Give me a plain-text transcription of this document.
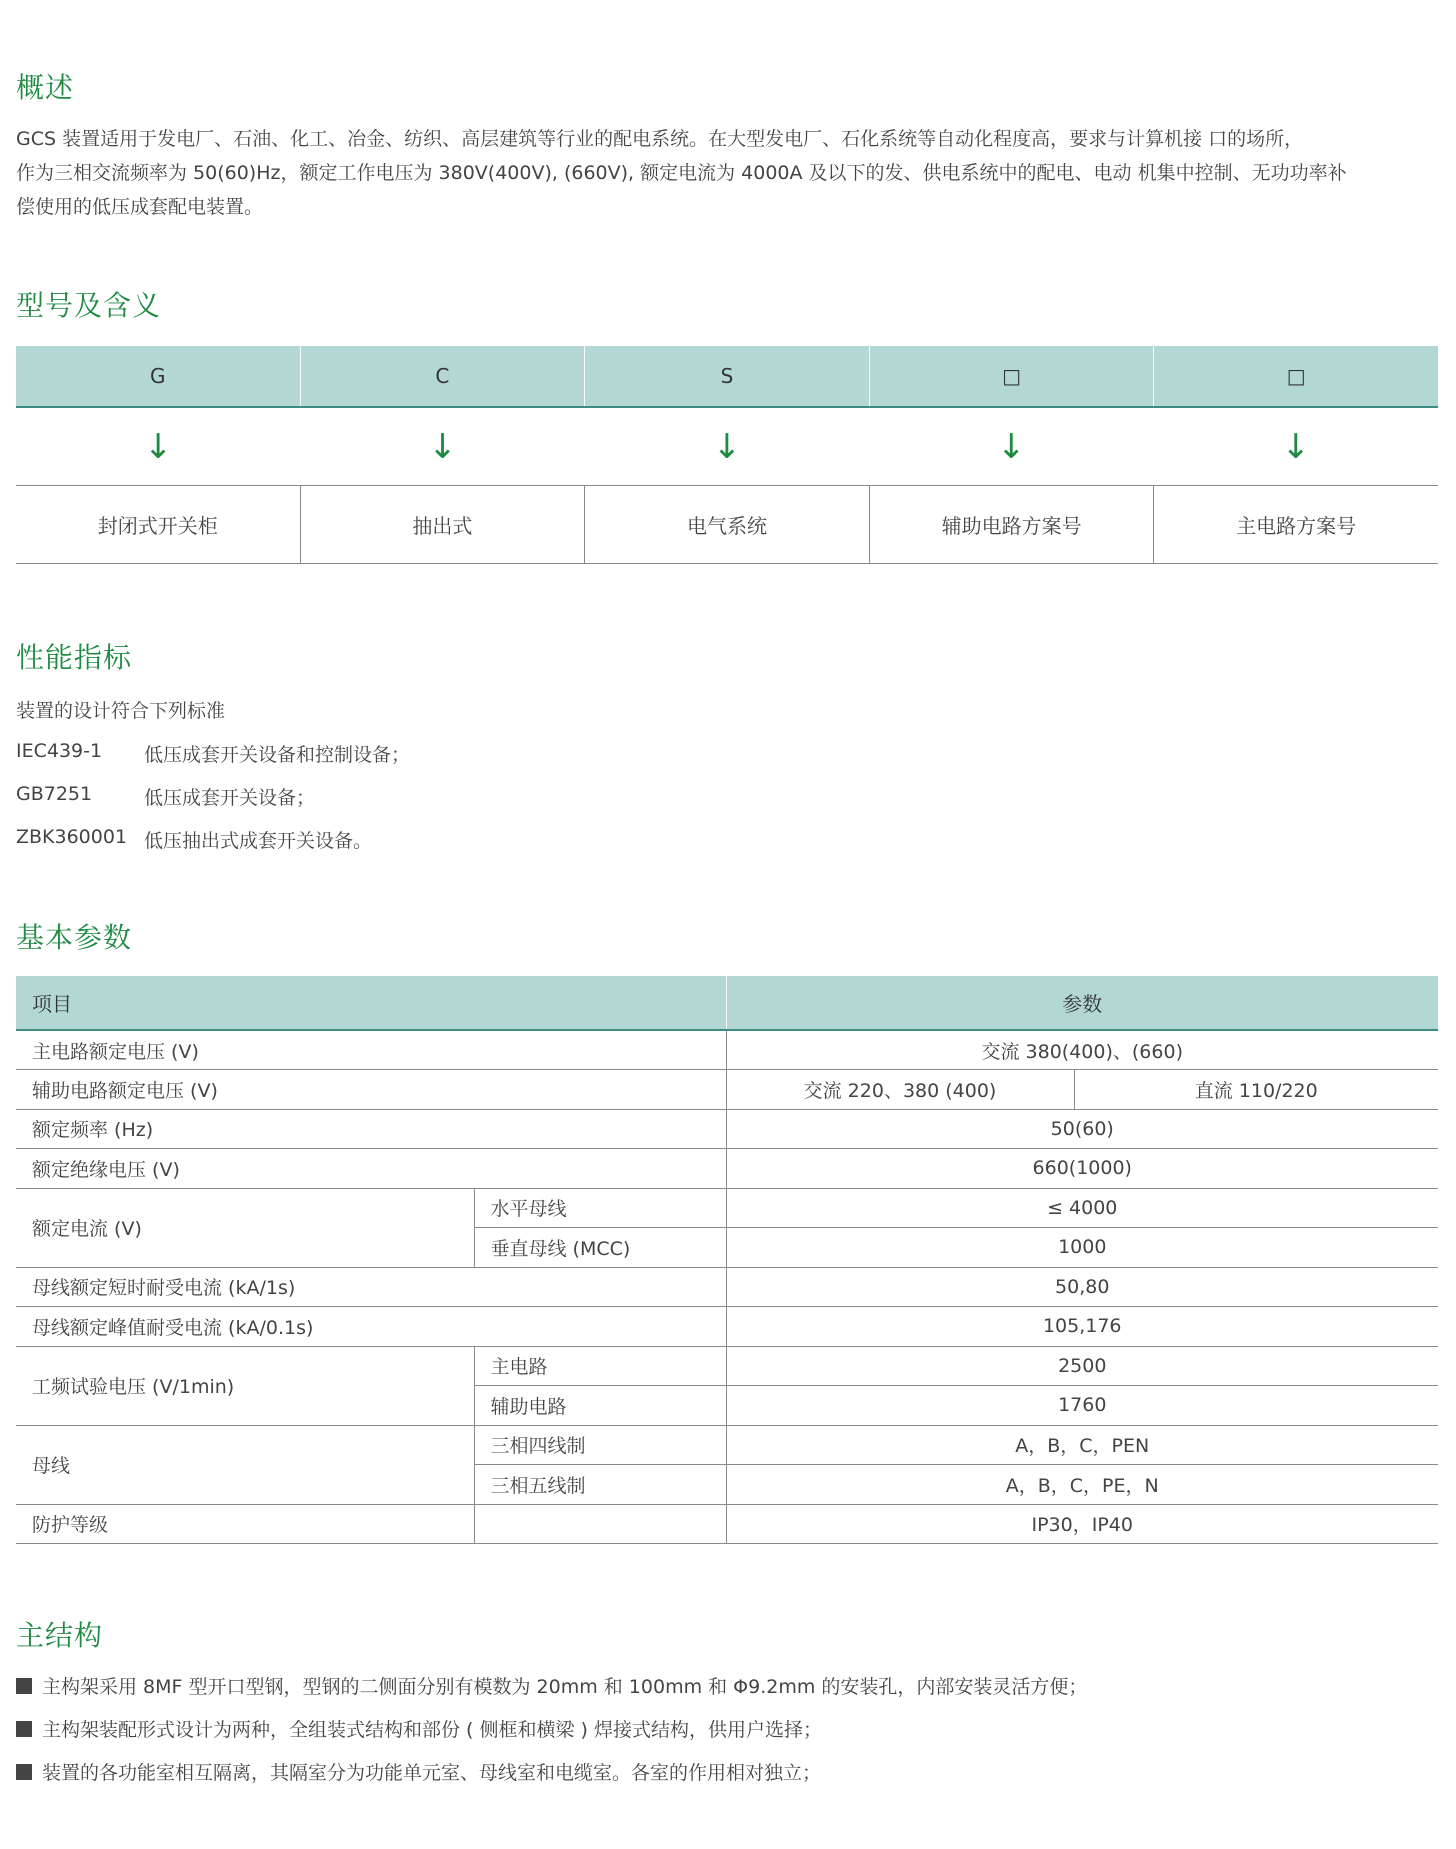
概述
GCS 装置适用于发电厂、石油、化工、冶金、纺织、高层建筑等行业的配电系统。在大型发电厂、石化系统等自动化程度高，要求与计算机接 口的场所，
作为三相交流频率为 50(60)Hz，额定工作电压为 380V(400V), (660V), 额定电流为 4000A 及以下的发、供电系统中的配电、电动 机集中控制、无功功率补
偿使用的低压成套配电装置。
型号及含义
G	C	S	□	□
↓	↓	↓	↓	↓
封闭式开关柜	抽出式	电气系统	辅助电路方案号	主电路方案号
性能指标
装置的设计符合下列标准
IEC439-1	低压成套开关设备和控制设备；
GB7251	低压成套开关设备；
ZBK360001 低压抽出式成套开关设备。
基本参数
项目		参数	
主电路额定电压 (V)		交流 380(400)、(660)	
辅助电路额定电压 (V)		交流 220、380 (400)	直流 110/220
额定频率 (Hz)		50(60)	
额定绝缘电压 (V)		660(1000)	
额定电流 (V)	水平母线	≤ 4000	
	垂直母线 (MCC)	1000	
母线额定短时耐受电流 (kA/1s)		50,80	
母线额定峰值耐受电流 (kA/0.1s)		105,176	
工频试验电压 (V/1min)	主电路	2500	
	辅助电路	1760	
母线	三相四线制	A，B，C，PEN	
	三相五线制	A，B，C，PE，N	
防护等级		IP30，IP40	
主结构
主构架采用 8MF 型开口型钢，型钢的二侧面分别有模数为 20mm 和 100mm 和 Φ9.2mm 的安装孔，内部安装灵活方便；
主构架装配形式设计为两种，全组装式结构和部份 ( 侧框和横梁 ) 焊接式结构，供用户选择；
装置的各功能室相互隔离，其隔室分为功能单元室、母线室和电缆室。各室的作用相对独立；
